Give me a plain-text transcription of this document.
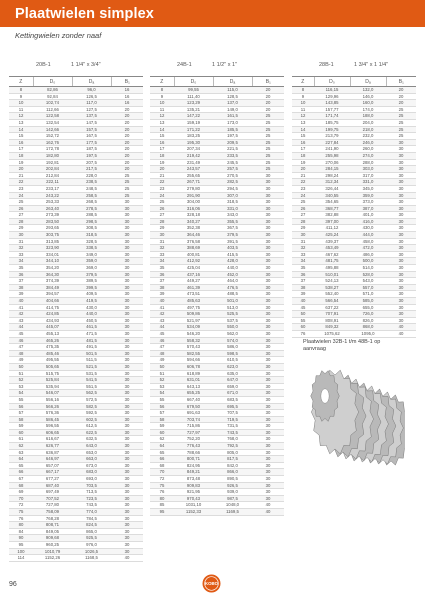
Plaatwielen simplex
Kettingwielen zonder naaf
20B-1	1 1/4" x 3/4"
Z	D₀	Dₐ	B₁
8	82,86	96,0	16
9	92,84	126,5	16
10	102,74	117,0	16
11	112,66	127,5	20
12	122,58	137,5	20
13	132,54	147,5	20
14	142,66	157,5	20
15	152,72	167,5	20
16	162,76	177,5	20
17	172,78	187,5	20
18	182,80	197,5	20
19	192,81	207,5	20
20	202,84	217,5	20
21	212,84	228,0	25
22	222,11	238,5	25
23	233,17	248,5	25
24	243,22	258,5	25
25	253,33	268,5	30
26	263,40	278,5	30
27	273,39	288,5	30
28	283,50	298,5	30
29	293,65	308,5	30
30	303,75	318,5	30
31	313,85	328,5	30
32	323,90	338,5	30
33	334,01	349,0	30
34	344,10	359,0	30
35	354,20	369,0	30
36	364,30	379,5	30
37	374,39	389,5	30
38	384,49	399,5	30
39	394,57	409,5	30
40	404,66	419,5	30
41	414,75	430,0	30
42	424,85	440,0	30
43	434,93	450,5	30
44	445,07	461,5	30
45	455,13	471,5	30
46	465,26	481,5	30
47	475,35	491,5	30
48	485,46	501,5	30
49	495,55	511,5	30
50	505,65	521,5	30
51	515,75	531,5	30
52	525,84	541,5	30
53	535,94	551,5	30
54	546,07	562,5	30
55	556,16	572,5	30
56	566,26	582,5	30
57	576,36	592,5	30
58	586,45	602,5	30
59	596,55	612,5	30
60	606,65	622,5	30
61	616,67	632,5	30
62	626,77	643,0	30
63	636,87	653,0	30
64	646,97	663,0	30
65	657,07	673,0	30
66	667,17	683,0	30
67	677,27	693,0	30
68	687,40	703,5	30
69	697,49	713,5	30
70	707,52	723,5	30
72	727,80	743,5	30
75	758,09	774,0	30
76	768,28	784,5	30
80	808,71	824,5	30
84	849,05	865,0	30
90	909,68	925,5	30
95	960,25	976,0	30
100	1010,79	1026,5	30
114	1152,26	1168,5	40
24B-1	1 1/2" x 1"
Z	D₀	Dₐ	B₁
8	99,55	115,0	20
9	111,40	128,5	20
10	123,29	137,0	20
11	135,21	149,0	20
12	147,22	161,5	25
13	159,19	173,0	25
14	171,22	185,5	25
15	183,25	197,5	25
16	195,30	209,5	25
17	207,34	221,5	25
18	219,42	233,5	25
19	231,49	245,5	25
20	243,57	257,5	25
21	255,65	270,5	30
22	267,71	282,5	30
23	279,80	294,5	30
24	291,90	307,0	30
25	304,00	318,5	30
26	316,06	331,0	30
27	328,18	343,0	30
28	340,27	355,5	30
29	352,38	367,5	30
30	364,46	379,5	30
31	376,58	391,5	30
32	388,69	403,5	30
33	400,81	415,5	30
34	412,92	428,0	30
35	425,04	440,0	30
36	437,16	452,0	30
37	449,27	464,0	30
38	461,39	476,5	30
39	473,51	488,5	30
40	485,63	501,0	30
41	497,75	513,0	30
42	509,86	525,5	30
43	521,97	537,5	30
44	534,09	550,0	30
45	546,20	562,0	30
46	558,32	574,0	30
47	570,43	586,0	30
48	582,55	598,5	30
49	594,66	610,5	30
50	606,78	623,0	30
51	618,89	635,0	30
52	631,01	647,0	30
53	643,13	659,0	30
54	655,25	671,0	30
55	667,40	683,5	30
56	679,50	695,5	30
57	691,63	707,5	30
58	703,74	719,5	30
59	715,86	731,5	30
60	727,97	743,5	30
62	752,20	768,0	30
64	776,43	792,5	30
65	788,66	805,0	30
66	800,71	817,5	30
68	824,95	842,0	30
70	849,21	866,0	30
72	873,48	890,5	30
75	909,83	926,5	30
76	921,95	939,0	30
80	970,43	987,5	30
85	1031,10	1048,0	40
95	1152,33	1169,5	40
28B-1	1 3/4" x 1 1/4"
Z	D₀	Dₐ	B₁
8	116,15	132,0	20
9	129,96	146,0	20
10	143,85	160,0	20
11	157,77	174,0	25
12	171,74	188,0	25
13	185,75	204,0	25
14	199,75	218,0	25
15	213,79	232,0	25
16	227,84	246,0	30
17	241,90	260,0	30
18	255,98	274,0	30
19	270,06	288,0	30
20	284,15	303,0	30
21	298,24	317,0	30
22	312,34	331,0	30
23	326,44	345,0	30
24	340,55	359,0	30
25	354,65	373,0	30
26	368,77	387,0	30
27	382,88	401,0	30
28	397,00	416,0	30
29	411,12	430,0	30
30	425,24	444,0	30
31	439,37	458,0	30
32	453,49	472,0	30
33	467,62	486,0	30
34	481,75	500,0	30
35	495,88	514,0	30
36	510,01	528,0	30
37	524,13	543,0	30
38	538,27	557,0	30
39	552,40	571,0	30
40	566,54	585,0	30
45	637,22	655,0	30
50	707,91	726,0	30
55	808,91	826,0	30
60	849,32	868,0	40
76	1075,62	1095,0	40
Plaatwielen 32B-1 t/m 48B-1 op aanvraag
96	KOBO
